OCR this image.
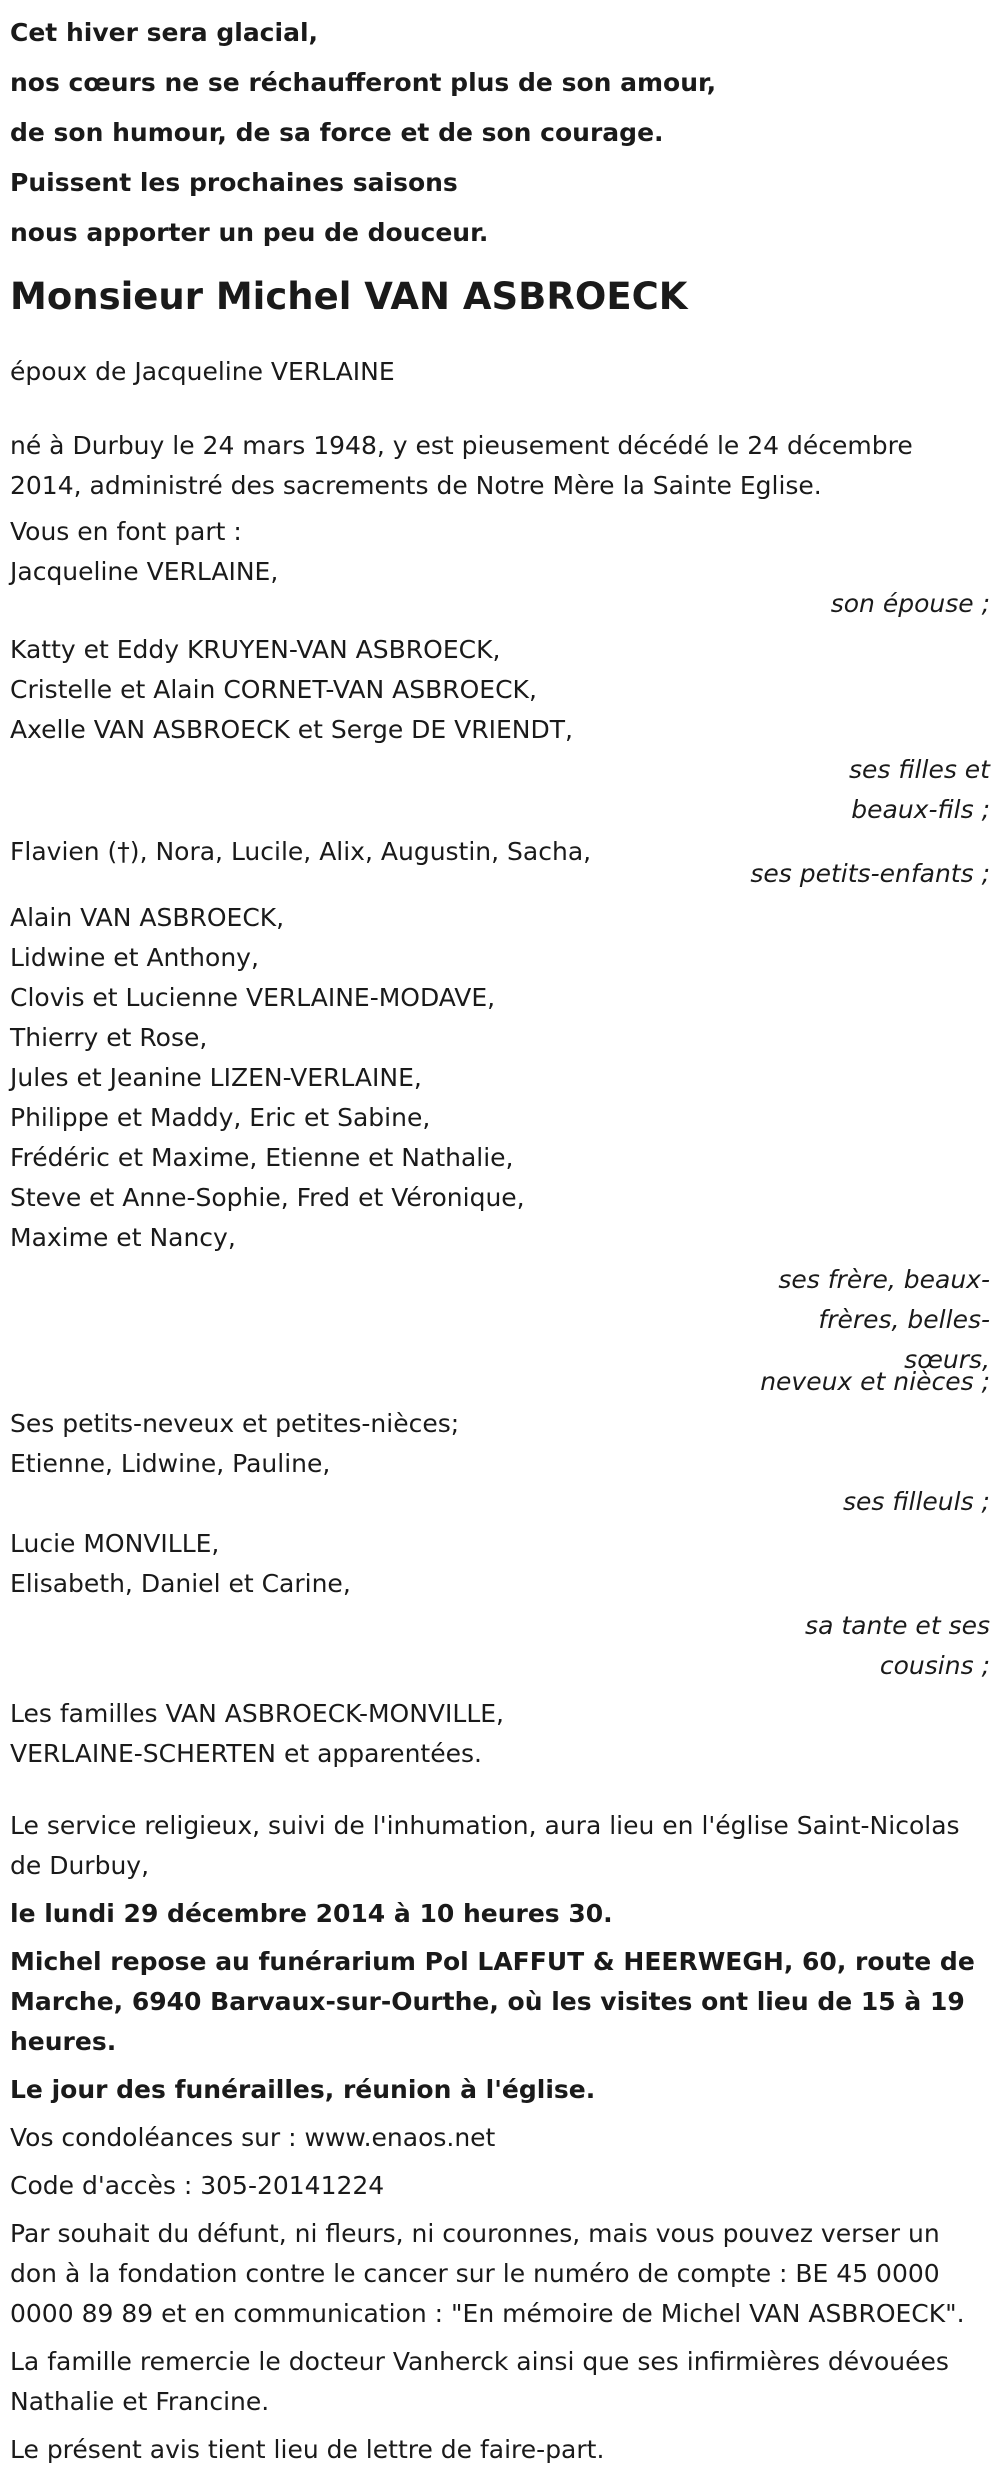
Cet hiver sera glacial,
nos cœurs ne se réchaufferont plus de son amour,
de son humour, de sa force et de son courage.
Puissent les prochaines saisons
nous apporter un peu de douceur.
Monsieur Michel VAN ASBROECK
époux de Jacqueline VERLAINE
né à Durbuy le 24 mars 1948, y est pieusement décédé le 24 décembre 2014, administré des sacrements de Notre Mère la Sainte Eglise.
Vous en font part :
Jacqueline VERLAINE,
son épouse ;
Katty et Eddy KRUYEN-VAN ASBROECK,
Cristelle et Alain CORNET-VAN ASBROECK,
Axelle VAN ASBROECK et Serge DE VRIENDT,
ses filles et beaux-fils ;
Flavien (†), Nora, Lucile, Alix, Augustin, Sacha,
ses petits-enfants ;
Alain VAN ASBROECK,
Lidwine et Anthony,
Clovis et Lucienne VERLAINE-MODAVE,
Thierry et Rose,
Jules et Jeanine LIZEN-VERLAINE,
Philippe et Maddy, Eric et Sabine,
Frédéric et Maxime, Etienne et Nathalie,
Steve et Anne-Sophie, Fred et Véronique,
Maxime et Nancy,
ses frère, beaux-frères, belles-sœurs,
neveux et nièces ;
Ses petits-neveux et petites-nièces;
Etienne, Lidwine, Pauline,
ses filleuls ;
Lucie MONVILLE,
Elisabeth, Daniel et Carine,
sa tante et ses cousins ;
Les familles VAN ASBROECK-MONVILLE,
VERLAINE-SCHERTEN et apparentées.
Le service religieux, suivi de l'inhumation, aura lieu en l'église Saint-Nicolas de Durbuy,
le lundi 29 décembre 2014 à 10 heures 30.
Michel repose au funérarium Pol LAFFUT & HEERWEGH, 60, route de Marche, 6940 Barvaux-sur-Ourthe, où les visites ont lieu de 15 à 19 heures.
Le jour des funérailles, réunion à l'église.
Vos condoléances sur : www.enaos.net
Code d'accès : 305-20141224
Par souhait du défunt, ni fleurs, ni couronnes, mais vous pouvez verser un don à la fondation contre le cancer sur le numéro de compte : BE 45 0000 0000 89 89 et en communication : "En mémoire de Michel VAN ASBROECK".
La famille remercie le docteur Vanherck ainsi que ses infirmières dévouées Nathalie et Francine.
Le présent avis tient lieu de lettre de faire-part.
